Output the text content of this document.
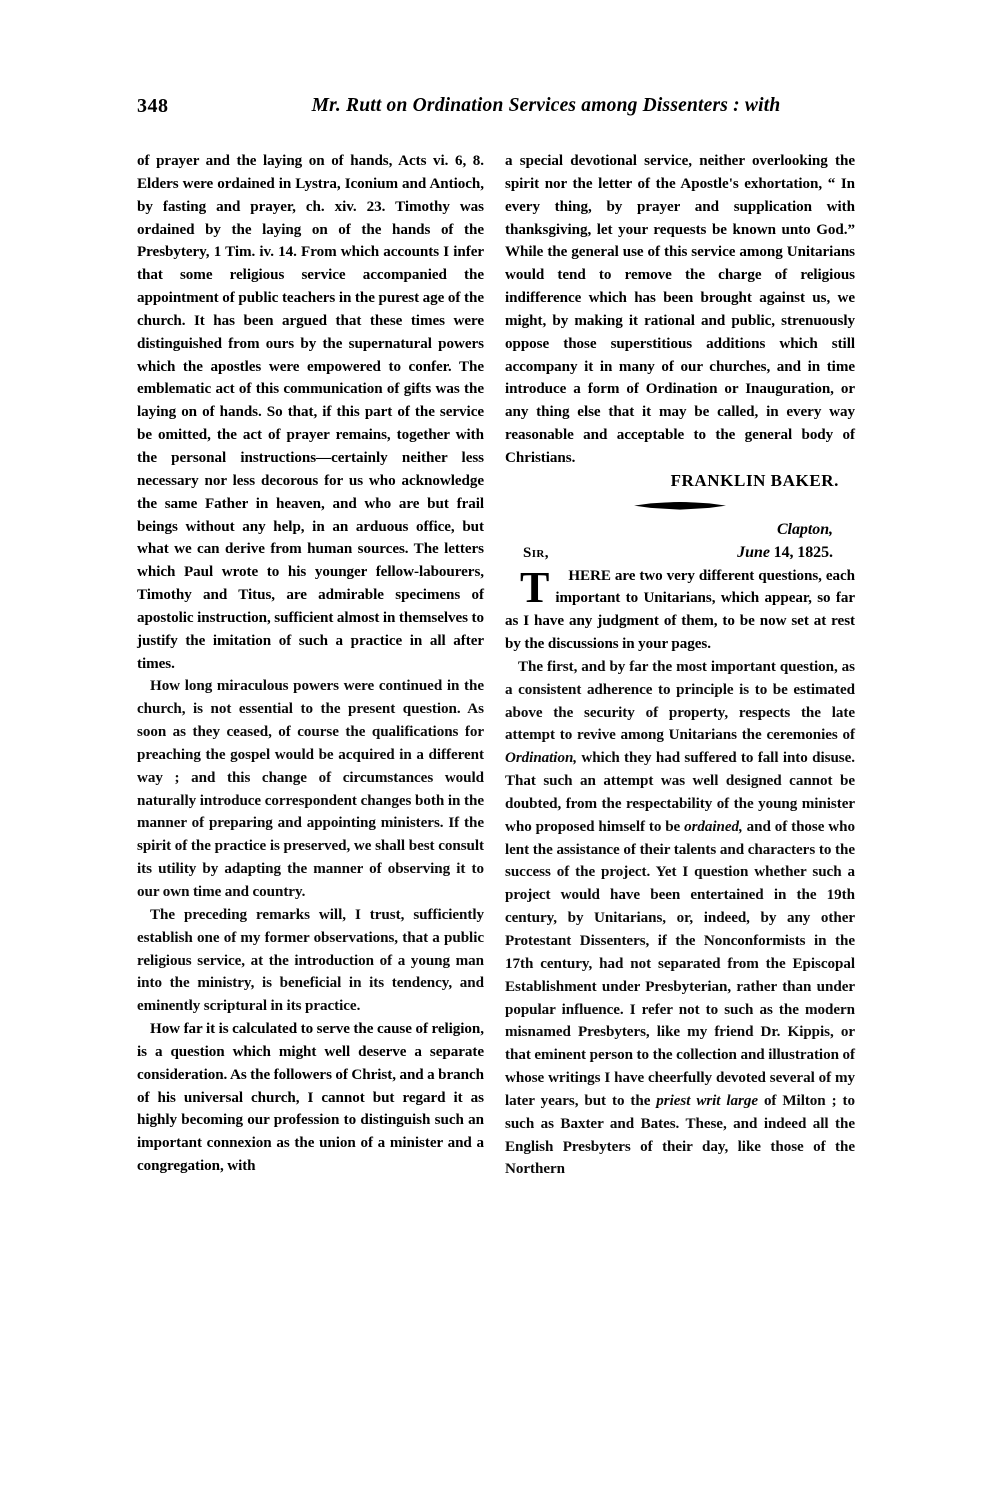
348	Mr. Rutt on Ordination Services among Dissenters : with

of prayer and the laying on of hands, Acts vi. 6, 8. Elders were ordained in Lystra, Iconium and Antioch, by fasting and prayer, ch. xiv. 23. Timothy was ordained by the laying on of the hands of the Presbytery, 1 Tim. iv. 14. From which accounts I infer that some religious service accompanied the appointment of public teachers in the purest age of the church. It has been argued that these times were distinguished from ours by the supernatural powers which the apostles were empowered to confer. The emblematic act of this communication of gifts was the laying on of hands. So that, if this part of the service be omitted, the act of prayer remains, together with the personal instructions—certainly neither less necessary nor less decorous for us who acknowledge the same Father in heaven, and who are but frail beings without any help, in an arduous office, but what we can derive from human sources. The letters which Paul wrote to his younger fellow-labourers, Timothy and Titus, are admirable specimens of apostolic instruction, sufficient almost in themselves to justify the imitation of such a practice in all after times.

How long miraculous powers were continued in the church, is not essential to the present question. As soon as they ceased, of course the qualifications for preaching the gospel would be acquired in a different way ; and this change of circumstances would naturally introduce correspondent changes both in the manner of preparing and appointing ministers. If the spirit of the practice is preserved, we shall best consult its utility by adapting the manner of observing it to our own time and country.

The preceding remarks will, I trust, sufficiently establish one of my former observations, that a public religious service, at the introduction of a young man into the ministry, is beneficial in its tendency, and eminently scriptural in its practice.

How far it is calculated to serve the cause of religion, is a question which might well deserve a separate consideration. As the followers of Christ, and a branch of his universal church, I cannot but regard it as highly becoming our profession to distinguish such an important connexion as the union of a minister and a congregation, with

a special devotional service, neither overlooking the spirit nor the letter of the Apostle's exhortation, “ In every thing, by prayer and supplication with thanksgiving, let your requests be known unto God.” While the general use of this service among Unitarians would tend to remove the charge of religious indifference which has been brought against us, we might, by making it rational and public, strenuously oppose those superstitious additions which still accompany it in many of our churches, and in time introduce a form of Ordination or Inauguration, or any thing else that it may be called, in every way reasonable and acceptable to the general body of Christians.

FRANKLIN BAKER.

Clapton,

Sir,	June 14, 1825.

T	HERE are two very different questions, each important to Unitarians, which appear, so far as I have any judgment of them, to be now set at rest by the discussions in your pages.

The first, and by far the most important question, as a consistent adherence to principle is to be estimated above the security of property, respects the late attempt to revive among Unitarians the ceremonies of Ordination, which they had suffered to fall into disuse. That such an attempt was well designed cannot be doubted, from the respectability of the young minister who proposed himself to be ordained, and of those who lent the assistance of their talents and characters to the success of the project. Yet I question whether such a project would have been entertained in the 19th century, by Unitarians, or, indeed, by any other Protestant Dissenters, if the Nonconformists in the 17th century, had not separated from the Episcopal Establishment under Presbyterian, rather than under popular influence. I refer not to such as the modern misnamed Presbyters, like my friend Dr. Kippis, or that eminent person to the collection and illustration of whose writings I have cheerfully devoted several of my later years, but to the priest writ large of Milton ; to such as Baxter and Bates. These, and indeed all the English Presbyters of their day, like those of the Northern
